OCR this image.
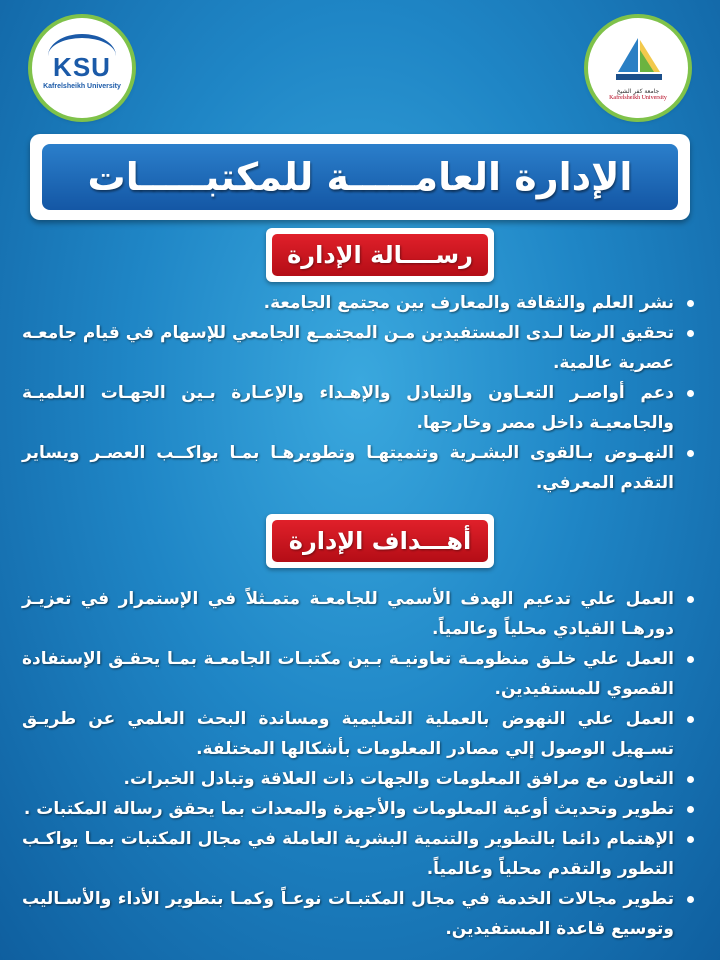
KSU
Kafrelsheikh University
جامعة كفر الشيخ
Kafrelsheikh University
الإدارة العامـــــة للمكتبـــــات
رســــالة الإدارة
نشر العلم والثقافة والمعارف بين مجتمع الجامعة.
تحقيق الرضا لـدى المستفيدين مـن المجتمـع الجامعي للإسهام في قيام جامعـه عصرية عالمية.
دعم أواصـر التعـاون والتبادل والإهـداء والإعـارة بـين الجهـات العلميـة والجامعيـة داخل مصر وخارجها.
النهـوض بـالقوى البشـرية وتنميتهـا وتطويرهـا بمـا يواكــب العصـر ويساير التقدم المعرفي.
أهـــداف الإدارة
العمل علي تدعيم الهدف الأسمي للجامعـة متمـثلاً في الإستمرار في تعزيـز دورهـا القيادي محلياً وعالمياً.
العمل علي خلـق منظومـة تعاونيـة بـين مكتبـات الجامعـة بمـا يحقـق الإستفادة القصوي للمستفيدين.
العمل علي النهوض بالعملية التعليمية ومساندة البحث العلمي عن طريـق تسـهيل الوصول إلي مصادر المعلومات بأشكالها المختلفة.
التعاون مع مرافق المعلومات والجهات ذات العلاقة وتبادل الخبرات.
تطوير وتحديث أوعية المعلومات والأجهزة والمعدات بما يحقق رسالة المكتبات .
الإهتمام دائما بالتطوير والتنمية البشرية العاملة في مجال المكتبات بمـا يواكـب التطور والتقدم محلياً وعالمياً.
تطوير مجالات الخدمة في مجال المكتبـات نوعـاً وكمـا بتطوير الأداء والأسـاليب وتوسيع قاعدة المستفيدين.
